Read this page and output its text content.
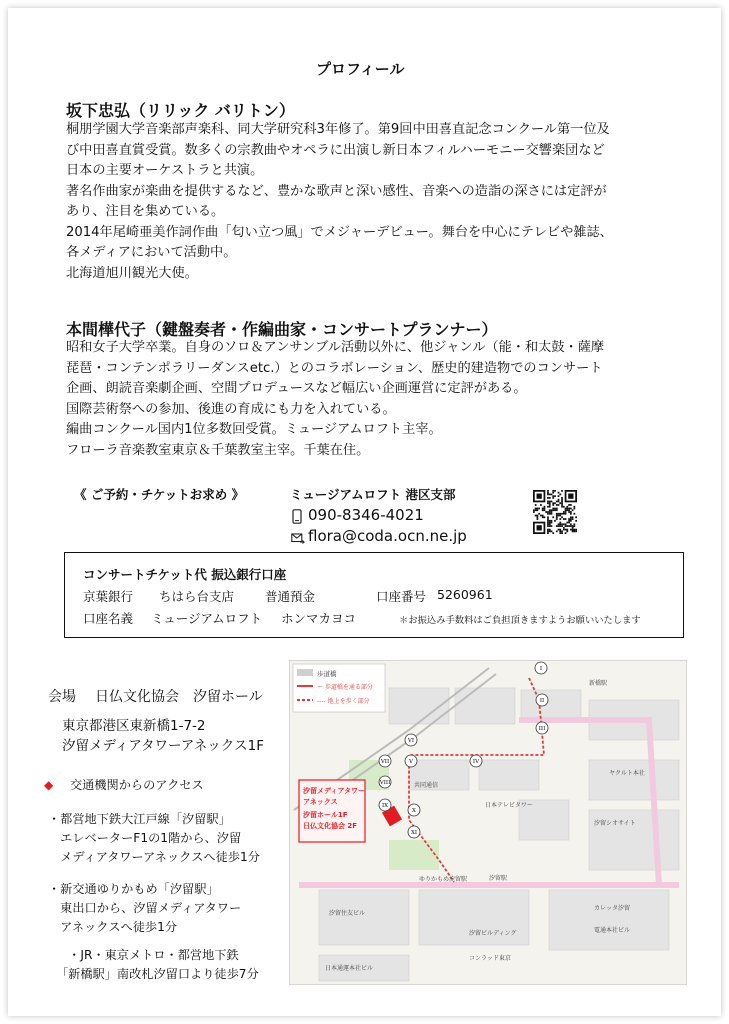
プロフィール
坂下忠弘（リリック バリトン）
桐朋学園大学音楽部声楽科、同大学研究科3年修了。第9回中田喜直記念コンクール第一位及
び中田喜直賞受賞。数多くの宗教曲やオペラに出演し新日本フィルハーモニー交響楽団など
日本の主要オーケストラと共演。
著名作曲家が楽曲を提供するなど、豊かな歌声と深い感性、音楽への造詣の深さには定評が
あり、注目を集めている。
2014年尾崎亜美作詞作曲「匂い立つ風」でメジャーデビュー。舞台を中心にテレビや雑誌、
各メディアにおいて活動中。
北海道旭川観光大使。
本間樺代子（鍵盤奏者・作編曲家・コンサートプランナー）
昭和女子大学卒業。自身のソロ＆アンサンブル活動以外に、他ジャンル（能・和太鼓・薩摩
琵琶・コンテンポラリーダンスetc.）とのコラボレーション、歴史的建造物でのコンサート
企画、朗読音楽劇企画、空間プロデュースなど幅広い企画運営に定評がある。
国際芸術祭への参加、後進の育成にも力を入れている。
編曲コンクール国内1位多数回受賞。ミュージアムロフト主宰。
フローラ音楽教室東京＆千葉教室主宰。千葉在住。
《 ご予約・チケットお求め 》	ミュージアムロフト 港区支部
090-8346-4021
flora@coda.ocn.ne.jp
コンサートチケット代 振込銀行口座
京葉銀行 ちはら台支店 普通預金	口座番号 5260961
口座名義 ミュージアムロフト ホンマカヨコ	＊お振込み手数料はご負担頂きますようお願いいたします
会場 日仏文化協会　汐留ホール
東京都港区東新橋1-7-2
汐留メディアタワーアネックス1F
◆ 交通機関からのアクセス
・都営地下鉄大江戸線「汐留駅」
　エレベーターF1の1階から、汐留
　メディアタワーアネックスへ徒歩1分
・新交通ゆりかもめ「汐留駅」
　東出口から、汐留メディアタワー
　アネックスへ徒歩1分
　・JR・東京メトロ・都営地下鉄
「新橋駅」南改札汐留口より徒歩7分
歩道橋
ー 歩道橋を通る部分
---- 地上を歩く部分
汐留メディアタワー
アネックス
汐留ホール1F
日仏文化協会 2F
I
II
III
IV
V
VI
VII
VIII
IX
X
XI
新橋駅
日本テレビタワー
汐留シオサイト
電通本社ビル
カレッタ汐留
汐留住友ビル
日本通運本社ビル
ゆりかもめ汐留駅	汐留駅
共同通信
コンラッド東京
ヤクルト本社
汐留ビルディング
